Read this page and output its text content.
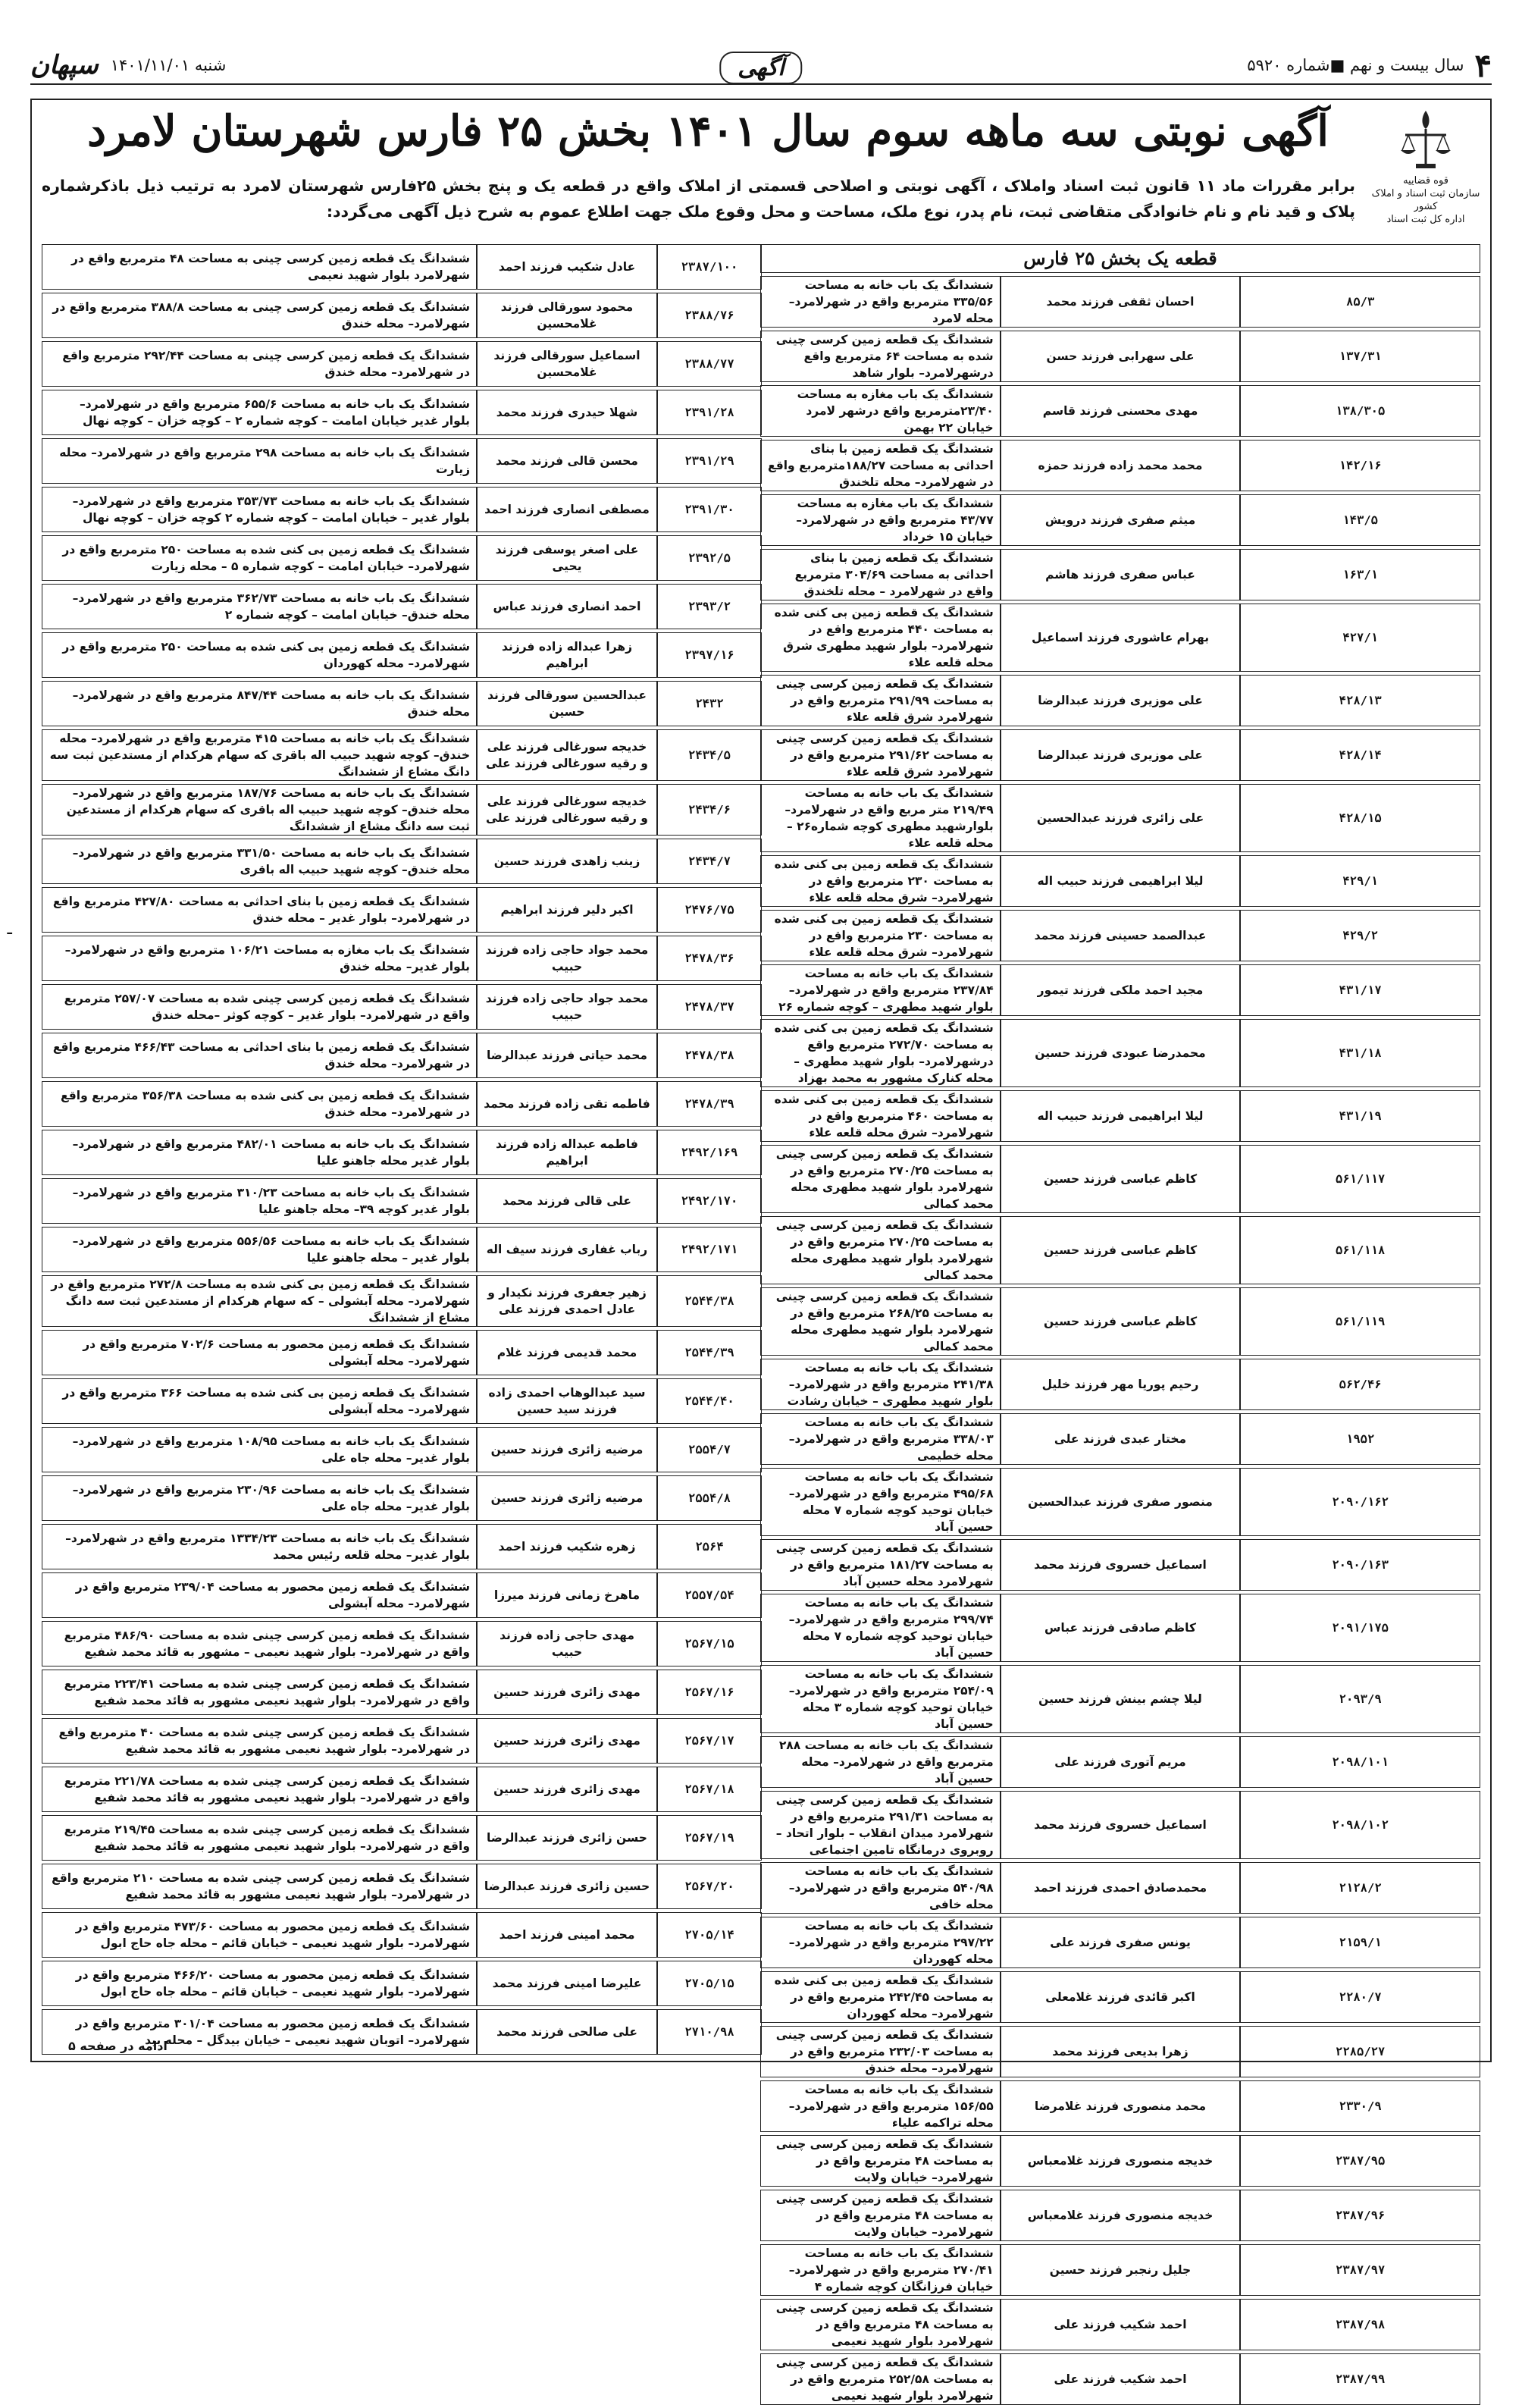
۴
سال بیست و نهم ■شماره ۵۹۲۰
شنبه ۱۴۰۱/۱۱/۰۱
سپهان	آگهی
قوه قضاییه
سازمان ثبت اسناد و املاک کشور
اداره کل ثبت اسناد
آگهی نوبتی سه ماهه سوم سال ۱۴۰۱ بخش ۲۵ فارس شهرستان لامرد
برابر مقررات ماد ۱۱ قانون ثبت اسناد واملاک ، آگهی نوبتی و اصلاحی قسمتی از املاک واقع در قطعه یک و پنج بخش ۲۵فارس شهرستان لامرد به ترتیب ذیل باذکرشماره پلاک و قید نام و نام خانوادگی متقاضی ثبت، نام پدر، نوع ملک، مساحت و محل وقوع ملک جهت اطلاع عموم به شرح ذیل آگهی می‌گردد:
قطعه یک بخش ۲۵ فارس		
۸۵/۳	احسان ثقفی فرزند محمد	ششدانگ یک باب خانه به مساحت ۳۳۵/۵۶ مترمربع واقع در شهرلامرد– محله لامرد
۱۳۷/۳۱	علی سهرابی فرزند حسن	ششدانگ یک قطعه زمین کرسی چینی شده به مساحت ۶۴ مترمربع واقع درشهرلامرد– بلوار شاهد
۱۳۸/۳۰۵	مهدی محسنی فرزند قاسم	ششدانگ یک باب مغازه به مساحت ۲۳/۴۰مترمربع واقع درشهر لامرد خیابان ۲۲ بهمن
۱۴۲/۱۶	محمد محمد زاده فرزند حمزه	ششدانگ یک قطعه زمین با بنای احداثی به مساحت ۱۸۸/۲۷مترمربع واقع در شهرلامرد– محله تلخندق
۱۴۳/۵	میثم صفری فرزند درویش	ششدانگ یک باب مغازه به مساحت ۴۳/۷۷ مترمربع واقع در شهرلامرد– خیابان ۱۵ خرداد
۱۶۳/۱	عباس صفری فرزند هاشم	ششدانگ یک قطعه زمین با بنای احداثی به مساحت ۳۰۴/۶۹ مترمربع واقع در شهرلامرد – محله تلخندق
۴۲۷/۱	بهرام عاشوری فرزند اسماعیل	ششدانگ یک قطعه زمین بی کنی شده به مساحت ۴۴۰ مترمربع واقع در شهرلامرد– بلوار شهید مطهری شرق محله قلعه علاء
۴۲۸/۱۳	علی موزیری فرزند عبدالرضا	ششدانگ یک قطعه زمین کرسی چینی به مساحت ۲۹۱/۹۹ مترمربع واقع در شهرلامرد شرق قلعه علاء
۴۲۸/۱۴	علی موزیری فرزند عبدالرضا	ششدانگ یک قطعه زمین کرسی چینی به مساحت ۲۹۱/۶۲ مترمربع واقع در شهرلامرد شرق قلعه علاء
۴۲۸/۱۵	علی زائری فرزند عبدالحسین	ششدانگ یک باب خانه به مساحت ۲۱۹/۴۹ متر مربع واقع در شهرلامرد– بلوارشهید مطهری کوچه شماره۲۶ – محله قلعه علاء
۴۲۹/۱	لیلا ابراهیمی فرزند حبیب اله	ششدانگ یک قطعه زمین بی کنی شده به مساحت ۲۳۰ مترمربع واقع در شهرلامرد– شرق محله قلعه علاء
۴۲۹/۲	عبدالصمد حسینی فرزند محمد	ششدانگ یک قطعه زمین بی کنی شده به مساحت ۲۳۰ مترمربع واقع در شهرلامرد– شرق محله قلعه علاء
۴۳۱/۱۷	مجید احمد ملکی فرزند تیمور	ششدانگ یک باب خانه به مساحت ۲۳۷/۸۴ مترمربع واقع در شهرلامرد– بلوار شهید مطهری – کوچه شماره ۲۶
۴۳۱/۱۸	محمدرضا عبودی فرزند حسین	ششدانگ یک قطعه زمین بی کنی شده به مساحت ۲۷۲/۷۰ مترمربع واقع درشهرلامرد– بلوار شهید مطهری – محله کنارک مشهور به محمد بهزاد
۴۳۱/۱۹	لیلا ابراهیمی فرزند حبیب اله	ششدانگ یک قطعه زمین بی کنی شده به مساحت ۴۶۰ مترمربع واقع در شهرلامرد– شرق محله قلعه علاء
۵۶۱/۱۱۷	کاظم عباسی فرزند حسین	ششدانگ یک قطعه زمین کرسی چینی به مساحت ۲۷۰/۲۵ مترمربع واقع در شهرلامرد بلوار شهید مطهری محله محمد کمالی
۵۶۱/۱۱۸	کاظم عباسی فرزند حسین	ششدانگ یک قطعه زمین کرسی چینی به مساحت ۲۷۰/۲۵ مترمربع واقع در شهرلامرد بلوار شهید مطهری محله محمد کمالی
۵۶۱/۱۱۹	کاظم عباسی فرزند حسین	ششدانگ یک قطعه زمین کرسی چینی به مساحت ۲۶۸/۲۵ مترمربع واقع در شهرلامرد بلوار شهید مطهری محله محمد کمالی
۵۶۲/۴۶	رحیم پوریا مهر فرزند خلیل	ششدانگ یک باب خانه به مساحت ۲۴۱/۳۸ مترمربع واقع در شهرلامرد– بلوار شهید مطهری – خیابان رشادت
۱۹۵۲	مختار عبدی فرزند علی	ششدانگ یک باب خانه به مساحت ۳۳۸/۰۳ مترمربع واقع در شهرلامرد– محله خطیمی
۲۰۹۰/۱۶۲	منصور صفری فرزند عبدالحسین	ششدانگ یک باب خانه به مساحت ۴۹۵/۶۸ مترمربع واقع در شهرلامرد– خیابان توحید کوچه شماره ۷ محله حسین آباد
۲۰۹۰/۱۶۳	اسماعیل خسروی فرزند محمد	ششدانگ یک قطعه زمین کرسی چینی به مساحت ۱۸۱/۲۷ مترمربع واقع در شهرلامرد محله حسین آباد
۲۰۹۱/۱۷۵	کاظم صادقی فرزند عباس	ششدانگ یک باب خانه به مساحت ۲۹۹/۷۴ مترمربع واقع در شهرلامرد– خیابان توحید کوچه شماره ۷ محله حسین آباد
۲۰۹۳/۹	لیلا چشم بینش فرزند حسین	ششدانگ یک باب خانه به مساحت ۲۵۴/۰۹ مترمربع واقع در شهرلامرد– خیابان توحید کوچه شماره ۳ محله حسین آباد
۲۰۹۸/۱۰۱	مریم آتوری فرزند علی	ششدانگ یک باب خانه به مساحت ۲۸۸ مترمربع واقع در شهرلامرد– محله حسین آباد
۲۰۹۸/۱۰۲	اسماعیل خسروی فرزند محمد	ششدانگ یک قطعه زمین کرسی چینی به مساحت ۲۹۱/۳۱ مترمربع واقع در شهرلامرد میدان انقلاب – بلوار اتحاد – روبروی درمانگاه تامین اجتماعی
۲۱۲۸/۲	محمدصادق احمدی فرزند احمد	ششدانگ یک باب خانه به مساحت ۵۴۰/۹۸ مترمربع واقع در شهرلامرد– محله خافی
۲۱۵۹/۱	یونس صفری فرزند علی	ششدانگ یک باب خانه به مساحت ۲۹۷/۲۲ مترمربع واقع در شهرلامرد– محله کهوردان
۲۲۸۰/۷	اکبر قائدی فرزند غلامعلی	ششدانگ یک قطعه زمین بی کنی شده به مساحت ۲۴۲/۴۵ مترمربع واقع در شهرلامرد– محله کهوردان
۲۲۸۵/۲۷	زهرا بدیعی فرزند محمد	ششدانگ یک قطعه زمین کرسی چینی به مساحت ۲۳۲/۰۳ مترمربع واقع در شهرلامرد– محله خندق
۲۳۳۰/۹	محمد منصوری فرزند غلامرضا	ششدانگ یک باب خانه به مساحت ۱۵۶/۵۵ مترمربع واقع در شهرلامرد– محله تراکمه علیاء
۲۳۸۷/۹۵	خدیجه منصوری فرزند غلامعباس	ششدانگ یک قطعه زمین کرسی چینی به مساحت ۴۸ مترمربع واقع در شهرلامرد– خیابان ولایت
۲۳۸۷/۹۶	خدیجه منصوری فرزند غلامعباس	ششدانگ یک قطعه زمین کرسی چینی به مساحت ۴۸ مترمربع واقع در شهرلامرد– خیابان ولایت
۲۳۸۷/۹۷	جلیل رنجبر فرزند حسین	ششدانگ یک باب خانه به مساحت ۲۷۰/۴۱ مترمربع واقع در شهرلامرد– خیابان فرزانگان کوچه شماره ۴
۲۳۸۷/۹۸	احمد شکیب فرزند علی	ششدانگ یک قطعه زمین کرسی چینی به مساحت ۴۸ مترمربع واقع در شهرلامرد بلوار شهید نعیمی
۲۳۸۷/۹۹	احمد شکیب فرزند علی	ششدانگ یک قطعه زمین کرسی چینی به مساحت ۲۵۲/۵۸ مترمربع واقع در شهرلامرد بلوار شهید نعیمی
۲۳۸۷/۱۰۰	عادل شکیب فرزند احمد	ششدانگ یک قطعه زمین کرسی چینی به مساحت ۴۸ مترمربع واقع در شهرلامرد بلوار شهید نعیمی
۲۳۸۸/۷۶	محمود سورقالی فرزند غلامحسین	ششدانگ یک قطعه زمین کرسی چینی به مساحت ۳۸۸/۸ مترمربع واقع در شهرلامرد– محله خندق
۲۳۸۸/۷۷	اسماعیل سورقالی فرزند غلامحسین	ششدانگ یک قطعه زمین کرسی چینی به مساحت ۲۹۲/۴۴ مترمربع واقع در شهرلامرد– محله خندق
۲۳۹۱/۲۸	شهلا حیدری فرزند محمد	ششدانگ یک باب خانه به مساحت ۶۵۵/۶ مترمربع واقع در شهرلامرد– بلوار غدیر خیابان امامت – کوچه شماره ۲ – کوچه خزان – کوچه نهال
۲۳۹۱/۲۹	محسن قالی فرزند محمد	ششدانگ یک باب خانه به مساحت ۲۹۸ مترمربع واقع در شهرلامرد– محله زیارت
۲۳۹۱/۳۰	مصطفی انصاری فرزند احمد	ششدانگ یک باب خانه به مساحت ۳۵۳/۷۳ مترمربع واقع در شهرلامرد– بلوار غدیر – خیابان امامت – کوچه شماره ۲ کوچه خزان – کوچه نهال
۲۳۹۲/۵	علی اصغر یوسفی فرزند یحیی	ششدانگ یک قطعه زمین بی کنی شده به مساحت ۲۵۰ مترمربع واقع در شهرلامرد– خیابان امامت – کوچه شماره ۵ – محله زیارت
۲۳۹۳/۲	احمد انصاری فرزند عباس	ششدانگ یک باب خانه به مساحت ۳۶۲/۷۳ مترمربع واقع در شهرلامرد– محله خندق– خیابان امامت – کوچه شماره ۲
۲۳۹۷/۱۶	زهرا عبداله زاده فرزند ابراهیم	ششدانگ یک قطعه زمین بی کنی شده به مساحت ۲۵۰ مترمربع واقع در شهرلامرد– محله کهوردان
۲۴۳۲	عبدالحسین سورقالی فرزند حسین	ششدانگ یک باب خانه به مساحت ۸۴۷/۴۴ مترمربع واقع در شهرلامرد– محله خندق
۲۴۳۴/۵	خدیجه سورغالی فرزند علی و رقیه سورغالی فرزند علی	ششدانگ یک باب خانه به مساحت ۴۱۵ مترمربع واقع در شهرلامرد– محله خندق– کوچه شهید حبیب اله باقری که سهام هرکدام از مستدعین ثبت سه دانگ مشاع از ششدانگ
۲۴۳۴/۶	خدیجه سورغالی فرزند علی و رقیه سورغالی فرزند علی	ششدانگ یک باب خانه به مساحت ۱۸۷/۷۶ مترمربع واقع در شهرلامرد– محله خندق– کوچه شهید حبیب اله باقری که سهام هرکدام از مستدعین ثبت سه دانگ مشاع از ششدانگ
۲۴۳۴/۷	زینب زاهدی فرزند حسین	ششدانگ یک باب خانه به مساحت ۳۳۱/۵۰ مترمربع واقع در شهرلامرد– محله خندق– کوچه شهید حبیب اله باقری
۲۴۷۶/۷۵	اکبر دلیر فرزند ابراهیم	ششدانگ یک قطعه زمین با بنای احداثی به مساحت ۴۲۷/۸۰ مترمربع واقع در شهرلامرد– بلوار غدیر – محله خندق
۲۴۷۸/۳۶	محمد جواد حاجی زاده فرزند حبیب	ششدانگ یک باب مغازه به مساحت ۱۰۶/۲۱ مترمربع واقع در شهرلامرد– بلوار غدیر– محله خندق
۲۴۷۸/۳۷	محمد جواد حاجی زاده فرزند حبیب	ششدانگ یک قطعه زمین کرسی چینی شده به مساحت ۲۵۷/۰۷ مترمربع واقع در شهرلامرد– بلوار غدیر – کوچه کوثر –محله خندق
۲۴۷۸/۳۸	محمد حیاتی فرزند عبدالرضا	ششدانگ یک قطعه زمین با بنای احداثی به مساحت ۴۶۶/۴۳ مترمربع واقع در شهرلامرد– محله خندق
۲۴۷۸/۳۹	فاطمه تقی زاده فرزند محمد	ششدانگ یک قطعه زمین بی کنی شده به مساحت ۳۵۶/۳۸ مترمربع واقع در شهرلامرد– محله خندق
۲۴۹۲/۱۶۹	فاطمه عبداله زاده فرزند ابراهیم	ششدانگ یک باب خانه به مساحت ۴۸۲/۰۱ مترمربع واقع در شهرلامرد–بلوار غدیر محله جاهنو علیا
۲۴۹۲/۱۷۰	علی قالی فرزند محمد	ششدانگ یک باب خانه به مساحت ۳۱۰/۲۳ مترمربع واقع در شهرلامرد– بلوار غدیر کوچه ۳۹– محله جاهنو علیا
۲۴۹۲/۱۷۱	رباب غفاری فرزند سیف اله	ششدانگ یک باب خانه به مساحت ۵۵۶/۵۶ مترمربع واقع در شهرلامرد– بلوار غدیر – محله جاهنو علیا
۲۵۴۴/۳۸	زهیر جعفری فرزند نکیدار و عادل احمدی فرزند علی	ششدانگ یک قطعه زمین بی کنی شده به مساحت ۲۷۲/۸ مترمربع واقع در شهرلامرد– محله آبشولی – که سهام هرکدام از مستدعین ثبت سه دانگ مشاع از ششدانگ
۲۵۴۴/۳۹	محمد قدیمی فرزند غلام	ششدانگ یک قطعه زمین محصور به مساحت ۷۰۲/۶ مترمربع واقع در شهرلامرد– محله آبشولی
۲۵۴۴/۴۰	سید عبدالوهاب احمدی زاده فرزند سید حسین	ششدانگ یک قطعه زمین بی کنی شده به مساحت ۳۶۶ مترمربع واقع در شهرلامرد– محله آبشولی
۲۵۵۴/۷	مرضیه زائری فرزند حسین	ششدانگ یک باب خانه به مساحت ۱۰۸/۹۵ مترمربع واقع در شهرلامرد–بلوار غدیر– محله جاه علی
۲۵۵۴/۸	مرضیه زائری فرزند حسین	ششدانگ یک باب خانه به مساحت ۲۳۰/۹۶ مترمربع واقع در شهرلامرد– بلوار غدیر– محله جاه علی
۲۵۶۴	زهره شکیب فرزند احمد	ششدانگ یک باب خانه به مساحت ۱۳۳۴/۲۳ مترمربع واقع در شهرلامرد– بلوار غدیر– محله قلعه رئیس محمد
۲۵۵۷/۵۴	ماهرخ زمانی فرزند میرزا	ششدانگ یک قطعه زمین محصور به مساحت ۲۳۹/۰۴ مترمربع واقع در شهرلامرد– محله آبشولی
۲۵۶۷/۱۵	مهدی حاجی زاده فرزند حبیب	ششدانگ یک قطعه زمین کرسی چینی شده به مساحت ۴۸۶/۹۰ مترمربع واقع در شهرلامرد– بلوار شهید نعیمی – مشهور به قائد محمد شفیع
۲۵۶۷/۱۶	مهدی زائری فرزند حسین	ششدانگ یک قطعه زمین کرسی چینی شده به مساحت ۲۲۳/۴۱ مترمربع واقع در شهرلامرد– بلوار شهید نعیمی مشهور به قائد محمد شفیع
۲۵۶۷/۱۷	مهدی زائری فرزند حسین	ششدانگ یک قطعه زمین کرسی چینی شده به مساحت ۴۰ مترمربع واقع در شهرلامرد– بلوار شهید نعیمی مشهور به قائد محمد شفیع
۲۵۶۷/۱۸	مهدی زائری فرزند حسین	ششدانگ یک قطعه زمین کرسی چینی شده به مساحت ۲۲۱/۷۸ مترمربع واقع در شهرلامرد– بلوار شهید نعیمی مشهور به قائد محمد شفیع
۲۵۶۷/۱۹	حسن زائری فرزند عبدالرضا	ششدانگ یک قطعه زمین کرسی چینی شده به مساحت ۲۱۹/۴۵ مترمربع واقع در شهرلامرد– بلوار شهید نعیمی مشهور به قائد محمد شفیع
۲۵۶۷/۲۰	حسین زائری فرزند عبدالرضا	ششدانگ یک قطعه زمین کرسی چینی شده به مساحت ۲۱۰ مترمربع واقع در شهرلامرد– بلوار شهید نعیمی مشهور به قائد محمد شفیع
۲۷۰۵/۱۴	محمد امینی فرزند احمد	ششدانگ یک قطعه زمین محصور به مساحت ۴۷۳/۶۰ مترمربع واقع در شهرلامرد– بلوار شهید نعیمی – خیابان قائم – محله جاه حاج ابول
۲۷۰۵/۱۵	علیرضا امینی فرزند محمد	ششدانگ یک قطعه زمین محصور به مساحت ۴۶۶/۲۰ مترمربع واقع در شهرلامرد– بلوار شهید نعیمی – خیابان قائم – محله جاه حاج ابول
۲۷۱۰/۹۸	علی صالحی فرزند محمد	ششدانگ یک قطعه زمین محصور به مساحت ۳۰۱/۰۴ مترمربع واقع در شهرلامرد– اتوبان شهید نعیمی – خیابان بیدگل – محله بید
ادامه در صفحه ۵
-
